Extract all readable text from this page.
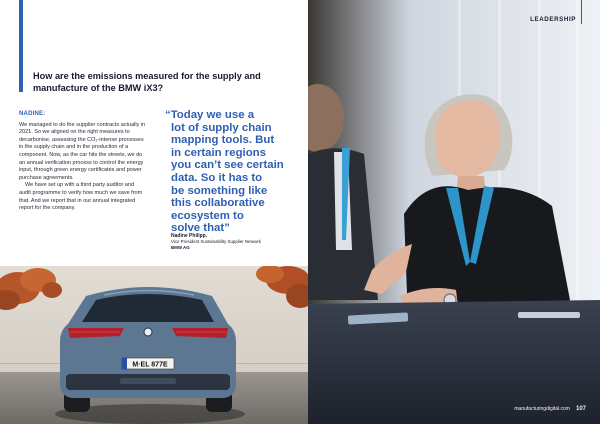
How are the emissions measured for the supply and manufacture of the BMW iX3?
NADINE:

We managed to do the supplier contracts actually in 2021. So we aligned on the right measures to decarbonise, assessing the CO₂-intense processes in the supply chain and in the production of a component. Now, as the car hits the streets, we do an annual verification process to control the energy input, through green energy certificates and power purchase agreements.

We have set up with a third party auditor and audit programme to verify how much we save from that. And we report that in our annual integrated report for the company.

“Today we use a
lot of supply chain
mapping tools. But
in certain regions
you can’t see certain
data. So it has to
be something like
this collaborative
ecosystem to
solve that”
Nadine Philipp,
Vice President Sustainability Supplier Network
BMW AG
M·EL 877E
LEADERSHIP
manufacturingdigital.com 107
